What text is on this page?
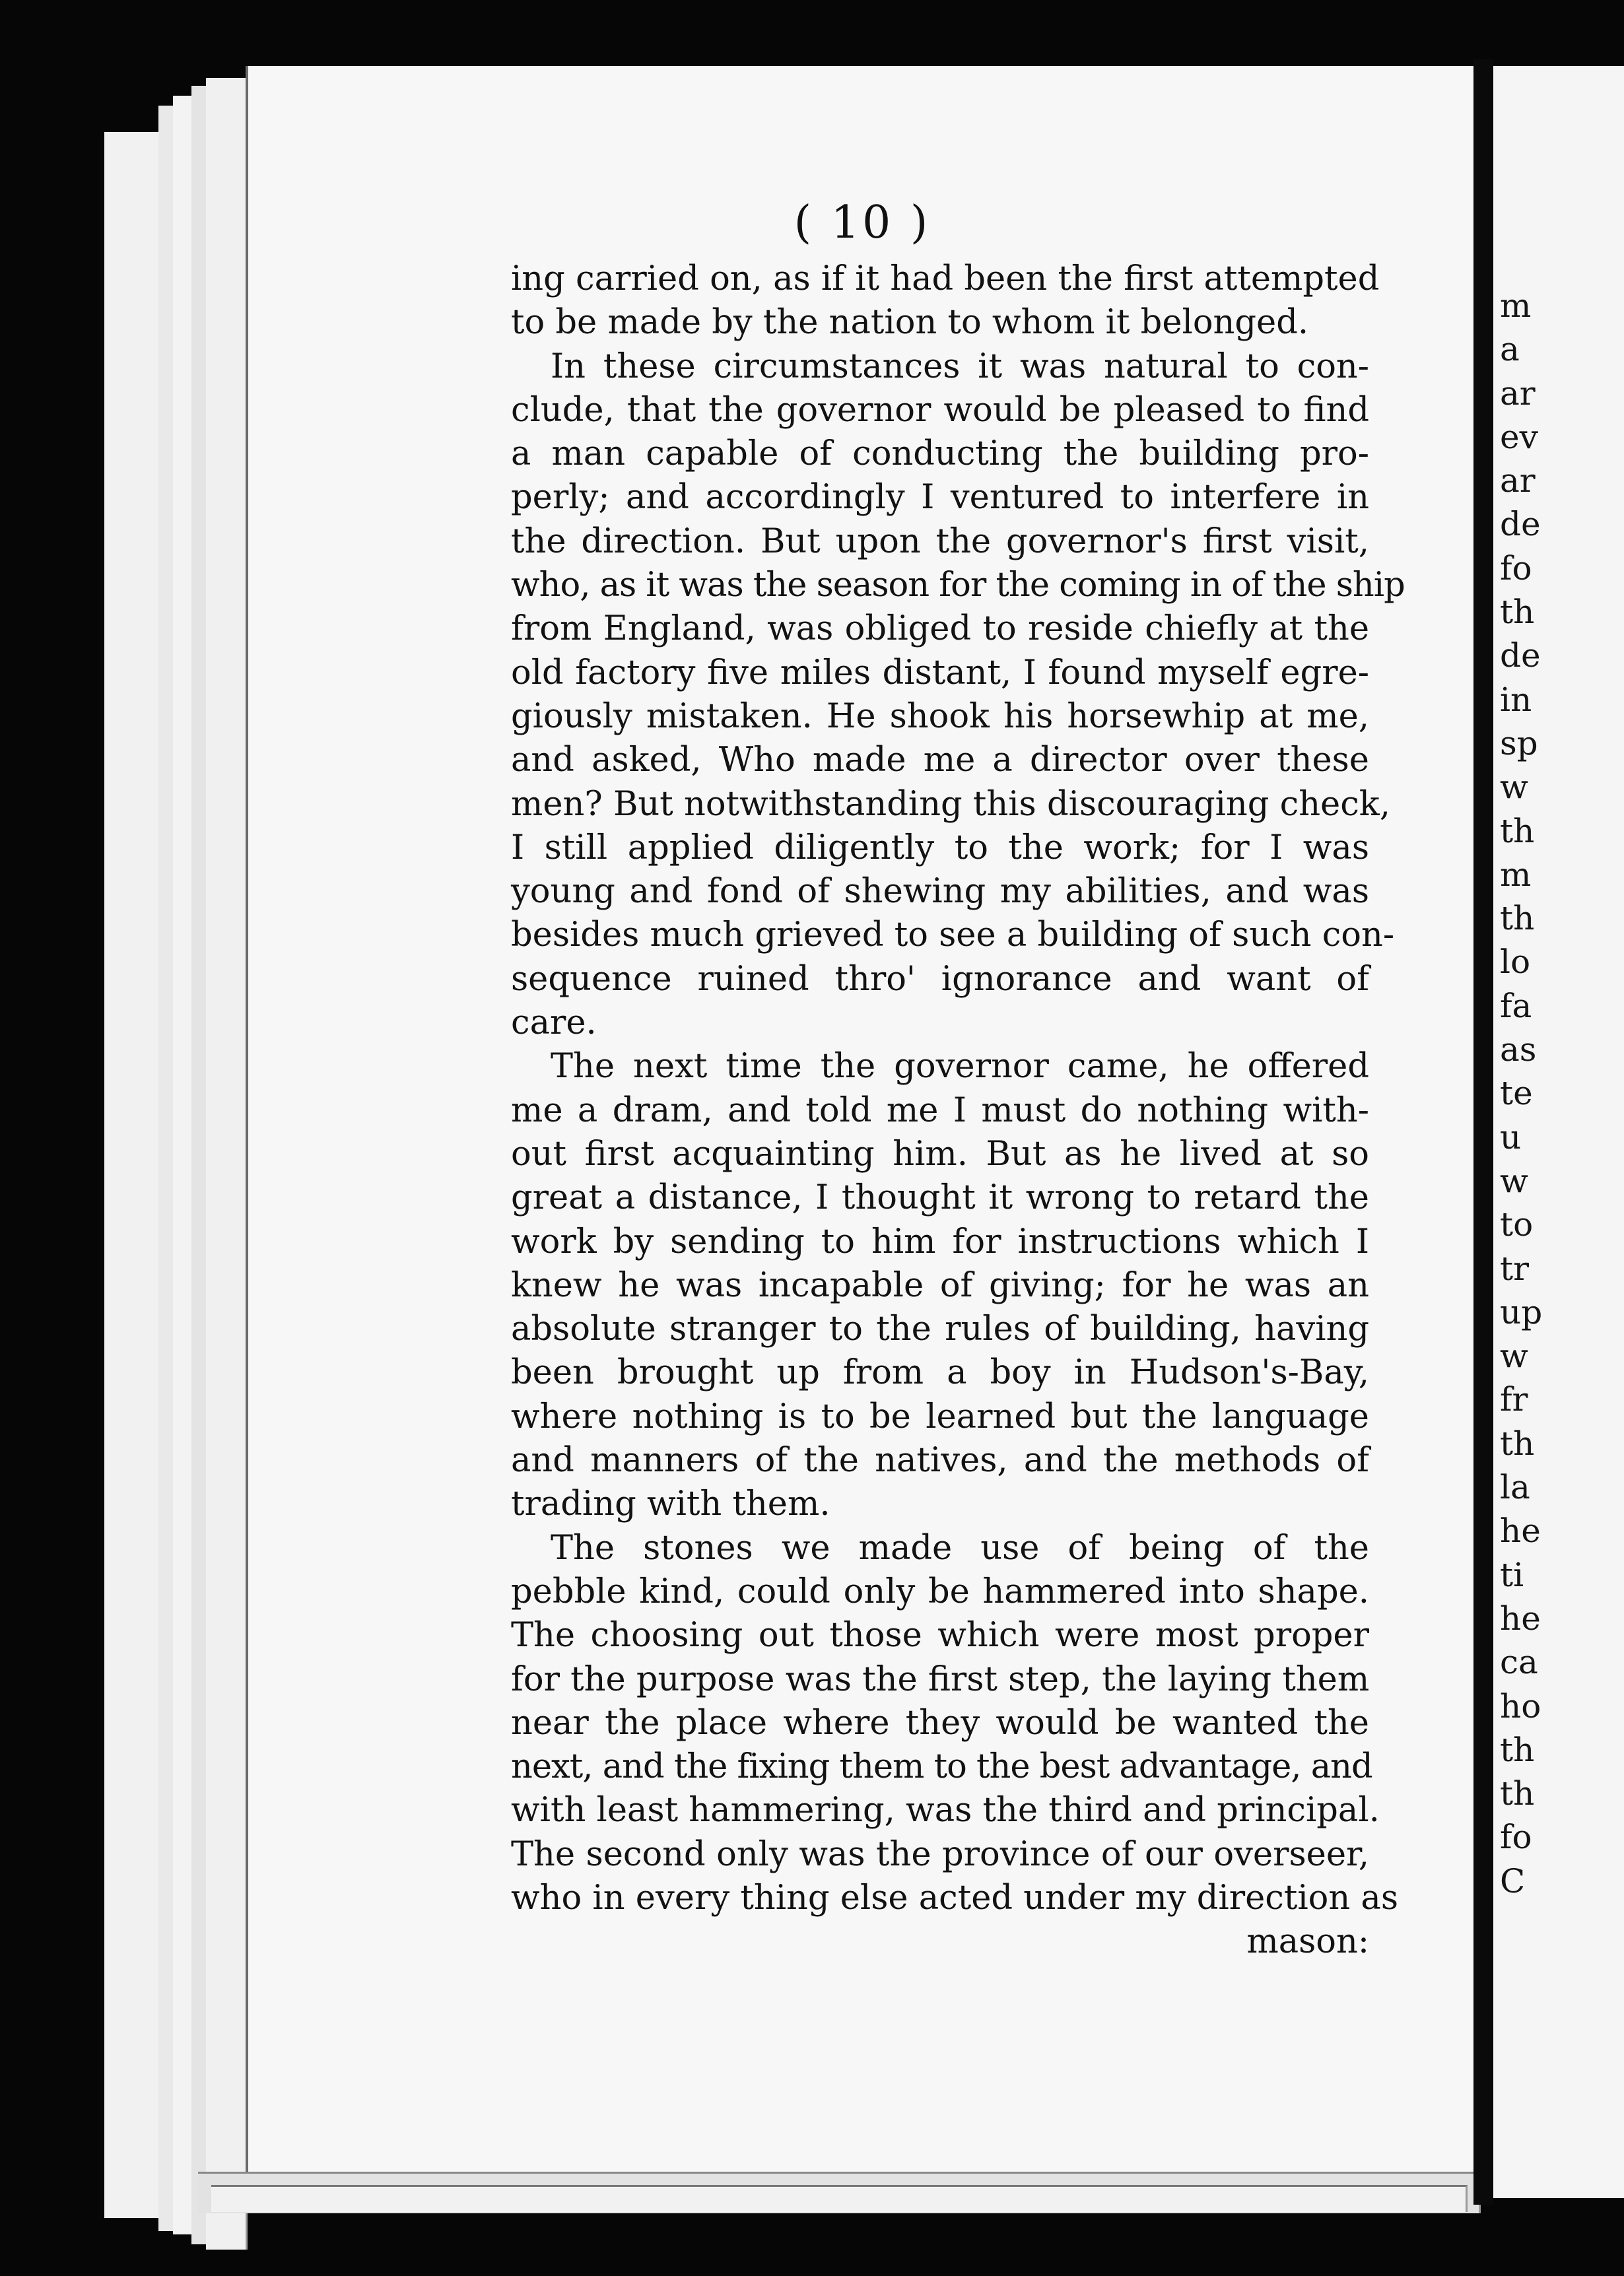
( 10 )
ing carried on, as if it had been the first attempted
to be made by the nation to whom it belonged.
In these circumstances it was natural to con-
clude, that the governor would be pleased to find
a man capable of conducting the building pro-
perly; and accordingly I ventured to interfere in
the direction. But upon the governor's first visit,
who, as it was the season for the coming in of the ship
from England, was obliged to reside chiefly at the
old factory five miles distant, I found myself egre-
giously mistaken. He shook his horsewhip at me,
and asked, Who made me a director over these
men? But notwithstanding this discouraging check,
I still applied diligently to the work; for I was
young and fond of shewing my abilities, and was
besides much grieved to see a building of such con-
sequence ruined thro' ignorance and want of
care.
The next time the governor came, he offered
me a dram, and told me I must do nothing with-
out first acquainting him. But as he lived at so
great a distance, I thought it wrong to retard the
work by sending to him for instructions which I
knew he was incapable of giving; for he was an
absolute stranger to the rules of building, having
been brought up from a boy in Hudson's-Bay,
where nothing is to be learned but the language
and manners of the natives, and the methods of
trading with them.
The stones we made use of being of the
pebble kind, could only be hammered into shape.
The choosing out those which were most proper
for the purpose was the first step, the laying them
near the place where they would be wanted the
next, and the fixing them to the best advantage, and
with least hammering, was the third and principal.
The second only was the province of our overseer,
who in every thing else acted under my direction as
mason:
m
a
ar
ev
ar
de
fo
th
de
in
sp
w
th
m
th
lo
fa
as
te
u
w
to
tr
up
w
fr
th
la
he
ti
he
ca
ho
th
th
fo
C
